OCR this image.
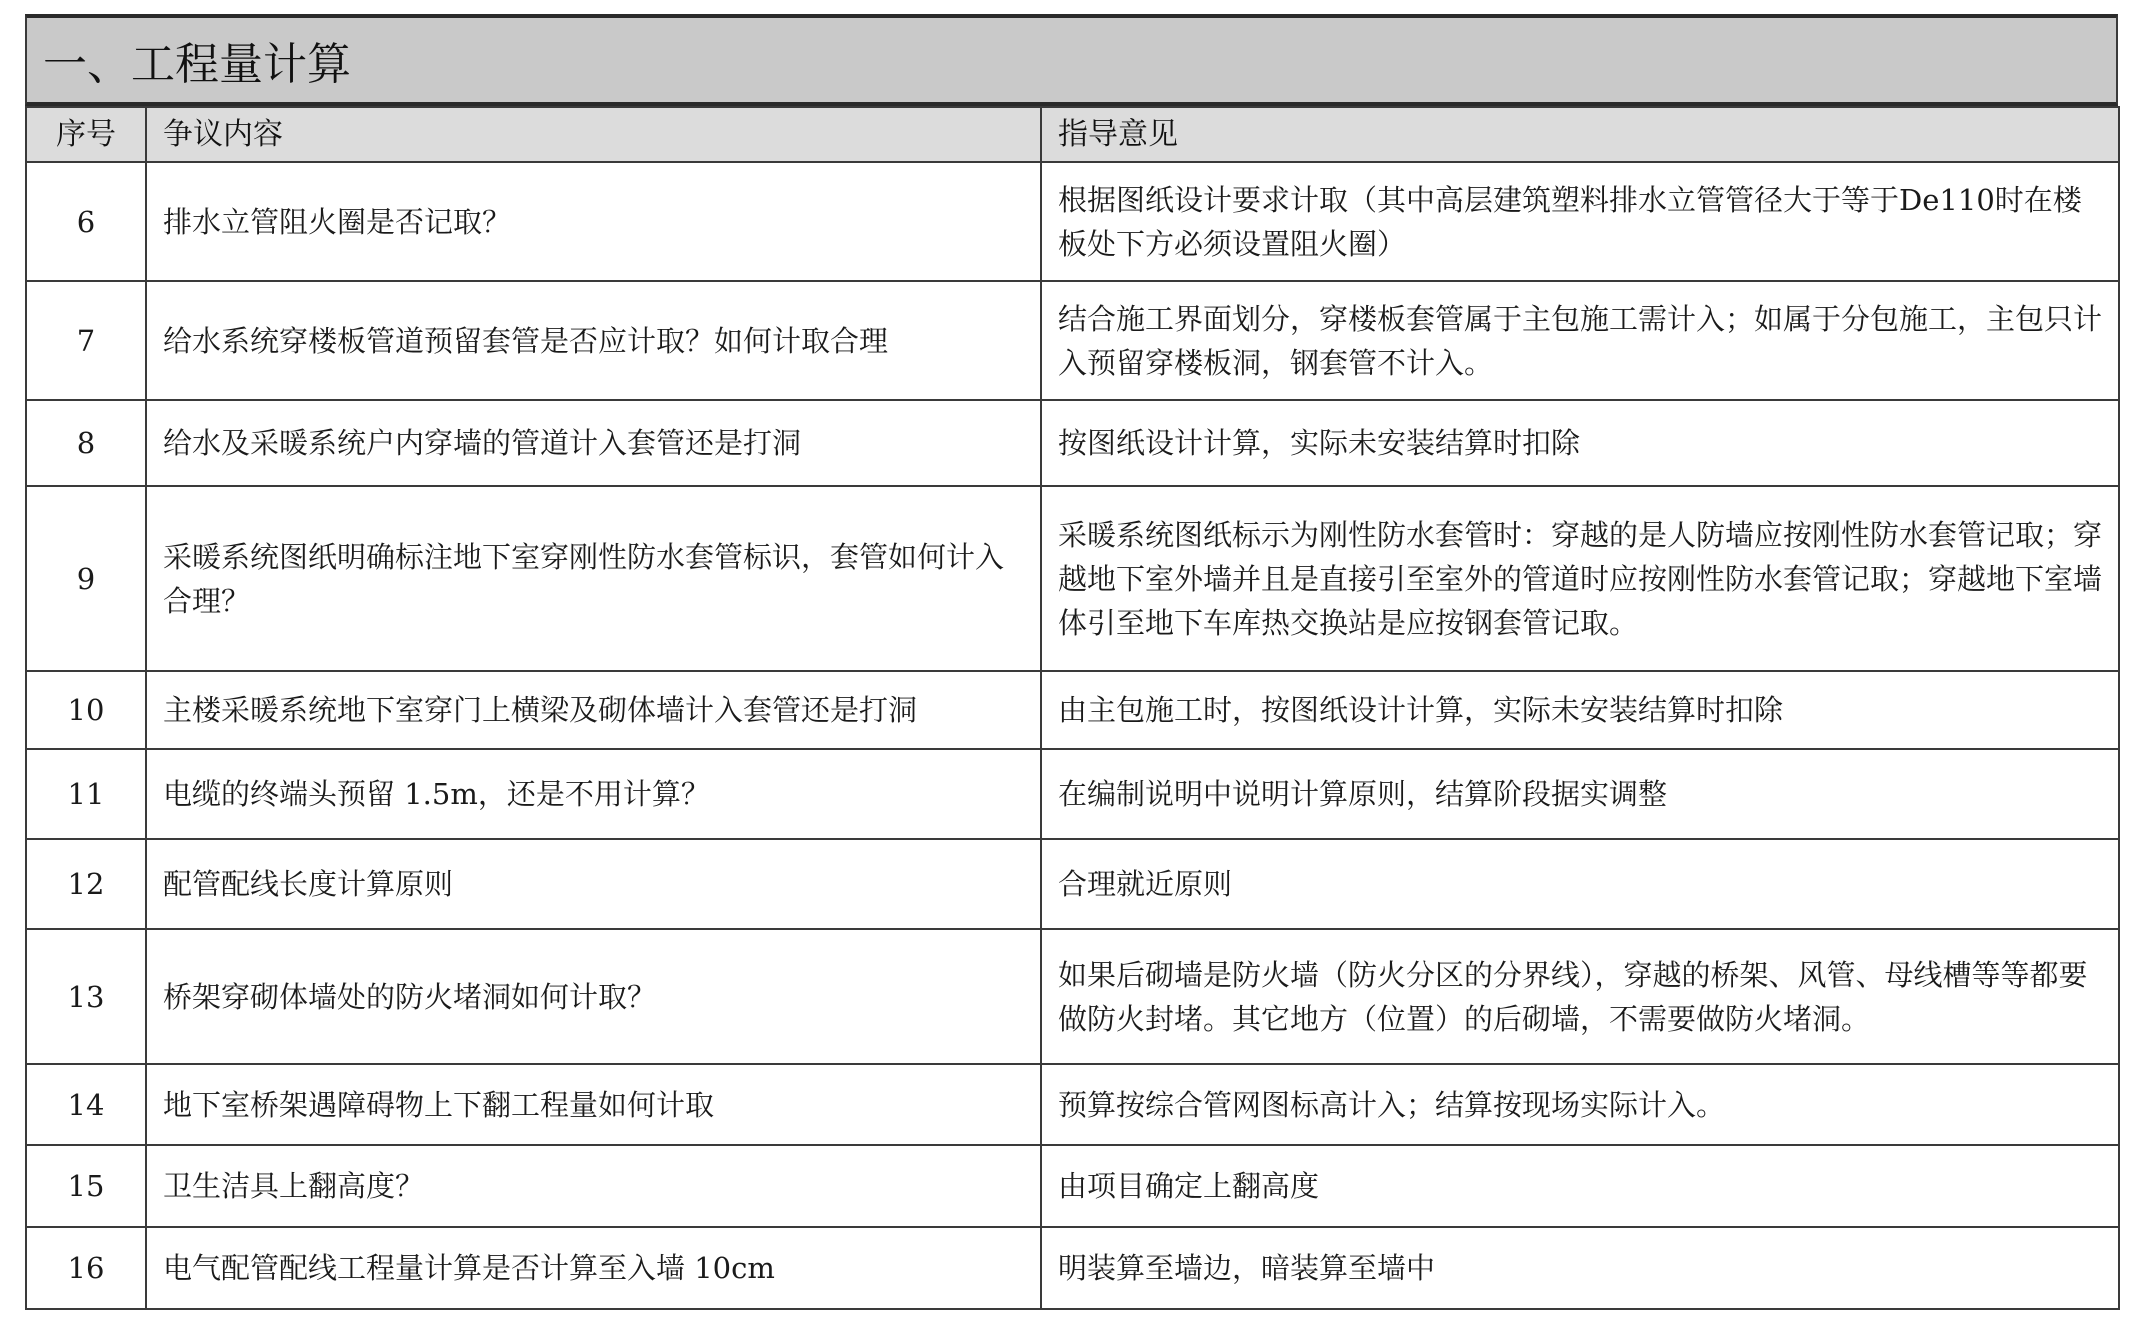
一、工程量计算
序号	争议内容	指导意见
6	排水立管阻火圈是否记取？	根据图纸设计要求计取（其中高层建筑塑料排水立管管径大于等于De110时在楼板处下方必须设置阻火圈）
7	给水系统穿楼板管道预留套管是否应计取？如何计取合理	结合施工界面划分，穿楼板套管属于主包施工需计入；如属于分包施工，主包只计入预留穿楼板洞，钢套管不计入。
8	给水及采暖系统户内穿墙的管道计入套管还是打洞	按图纸设计计算，实际未安装结算时扣除
9	采暖系统图纸明确标注地下室穿刚性防水套管标识，套管如何计入合理？	采暖系统图纸标示为刚性防水套管时：穿越的是人防墙应按刚性防水套管记取；穿越地下室外墙并且是直接引至室外的管道时应按刚性防水套管记取；穿越地下室墙体引至地下车库热交换站是应按钢套管记取。
10	主楼采暖系统地下室穿门上横梁及砌体墙计入套管还是打洞	由主包施工时，按图纸设计计算，实际未安装结算时扣除
11	电缆的终端头预留 1.5m，还是不用计算？	在编制说明中说明计算原则，结算阶段据实调整
12	配管配线长度计算原则	合理就近原则
13	桥架穿砌体墙处的防火堵洞如何计取？	如果后砌墙是防火墙（防火分区的分界线），穿越的桥架、风管、母线槽等等都要做防火封堵。其它地方（位置）的后砌墙，不需要做防火堵洞。
14	地下室桥架遇障碍物上下翻工程量如何计取	预算按综合管网图标高计入；结算按现场实际计入。
15	卫生洁具上翻高度？	由项目确定上翻高度
16	电气配管配线工程量计算是否计算至入墙 10cm	明装算至墙边，暗装算至墙中
